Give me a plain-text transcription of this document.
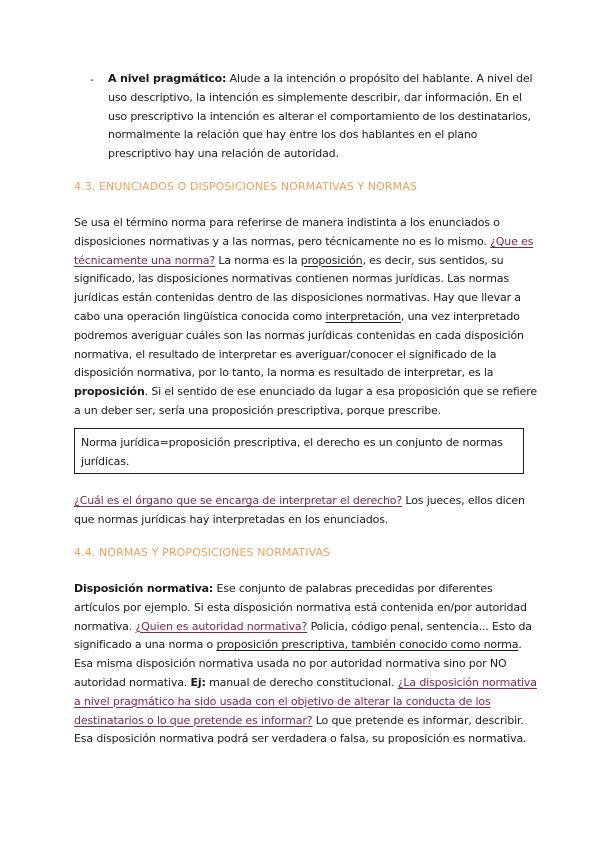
- A nivel pragmático: Alude a la intención o propósito del hablante. A nivel del uso descriptivo, la intención es simplemente describir, dar información. En el uso prescriptivo la intención es alterar el comportamiento de los destinatarios, normalmente la relación que hay entre los dos hablantes en el plano prescriptivo hay una relación de autoridad.
4.3. ENUNCIADOS O DISPOSICIONES NORMATIVAS Y NORMAS
Se usa el término norma para referirse de manera indistinta a los enunciados o disposiciones normativas y a las normas, pero técnicamente no es lo mismo. ¿Que es técnicamente una norma? La norma es la proposición, es decir, sus sentidos, su significado, las disposiciones normativas contienen normas jurídicas. Las normas jurídicas están contenidas dentro de las disposiciones normativas. Hay que llevar a cabo una operación lingüística conocida como interpretación, una vez interpretado podremos averiguar cuáles son las normas jurídicas contenidas en cada disposición normativa, el resultado de interpretar es averiguar/conocer el significado de la disposición normativa, por lo tanto, la norma es resultado de interpretar, es la proposición. Si el sentido de ese enunciado da lugar a esa proposición que se refiere a un deber ser, sería una proposición prescriptiva, porque prescribe.
Norma jurídica=proposición prescriptiva, el derecho es un conjunto de normas jurídicas.
¿Cuál es el órgano que se encarga de interpretar el derecho? Los jueces, ellos dicen que normas jurídicas hay interpretadas en los enunciados.
4.4. NORMAS Y PROPOSICIONES NORMATIVAS
Disposición normativa: Ese conjunto de palabras precedidas por diferentes artículos por ejemplo. Si esta disposición normativa está contenida en/por autoridad normativa. ¿Quien es autoridad normativa? Policia, código penal, sentencia... Esto da significado a una norma o proposición prescriptiva, también conocido como norma. Esa misma disposición normativa usada no por autoridad normativa sino por NO autoridad normativa. Ej: manual de derecho constitucional. ¿La disposición normativa a nivel pragmático ha sido usada con el objetivo de alterar la conducta de los destinatarios o lo que pretende es informar? Lo que pretende es informar, describir. Esa disposición normativa podrá ser verdadera o falsa, su proposición es normativa.
